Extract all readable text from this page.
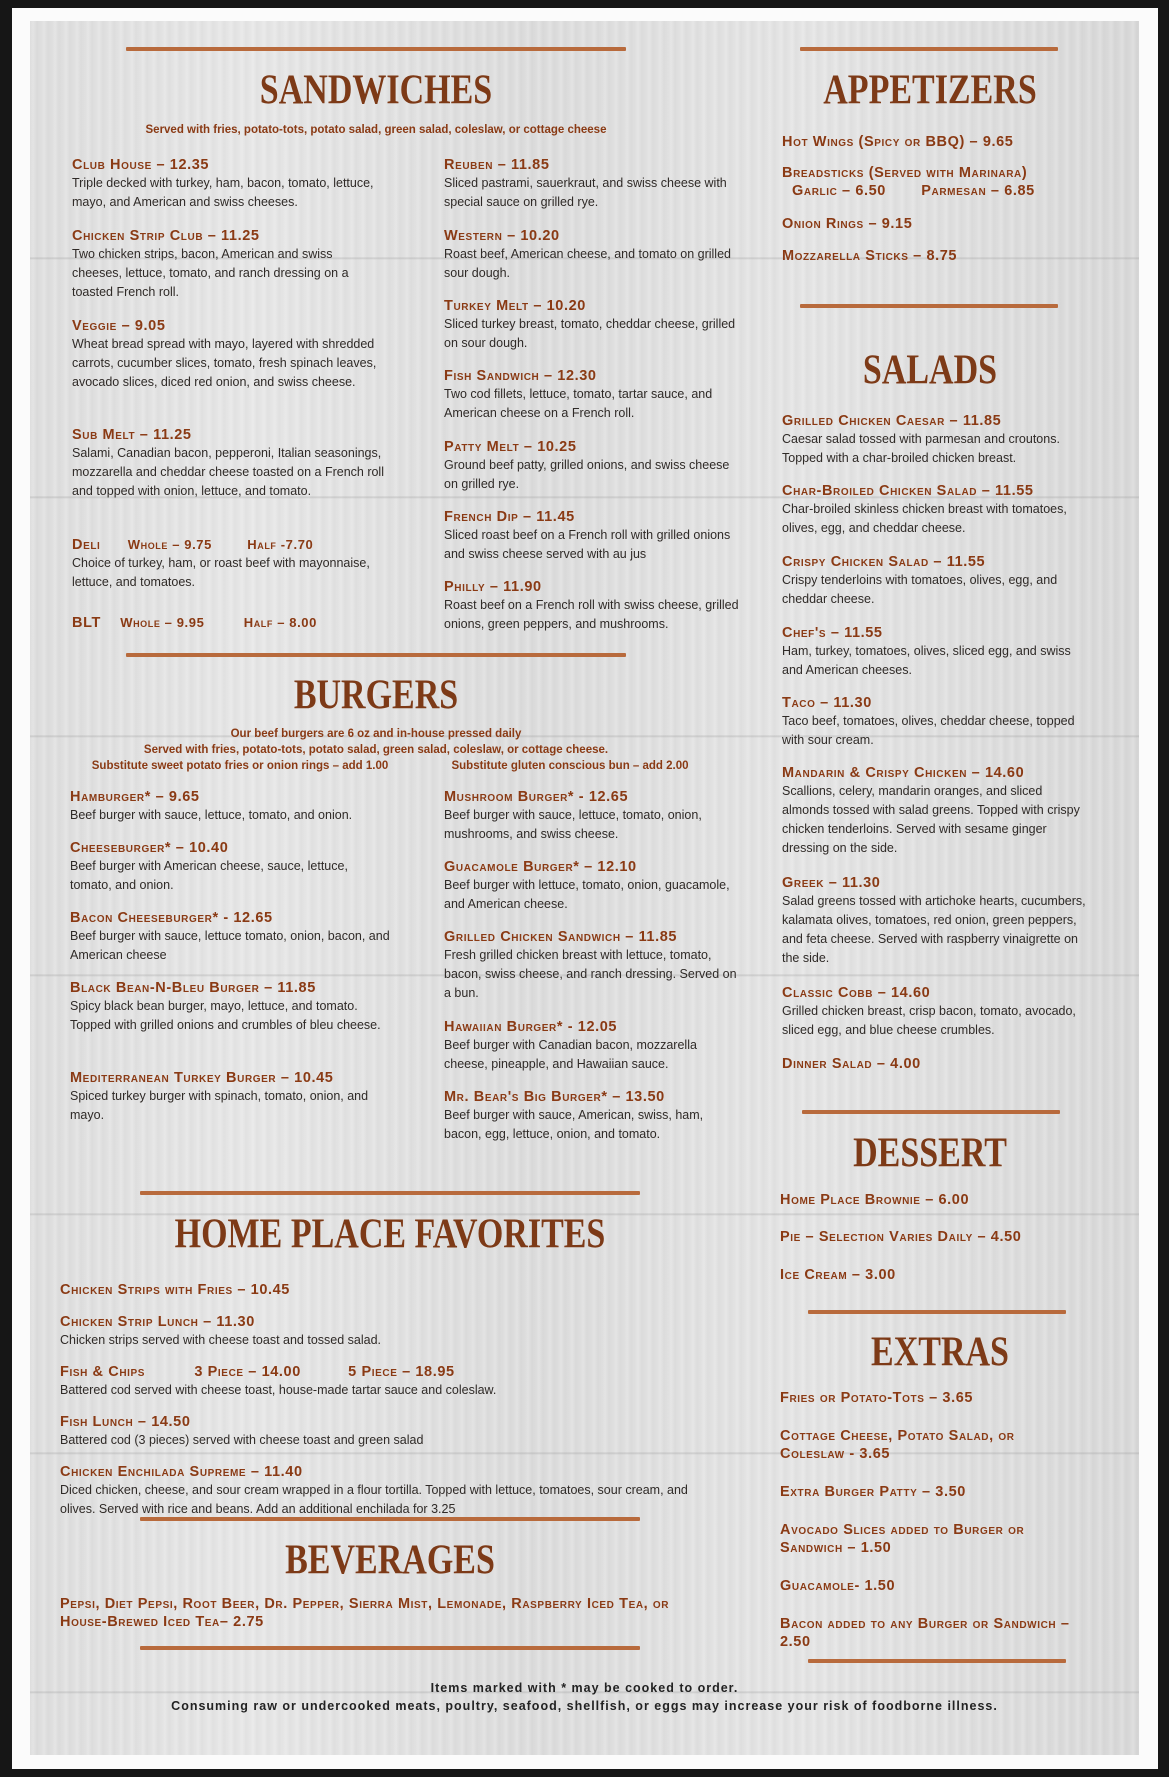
SANDWICHES
Served with fries, potato-tots, potato salad, green salad, coleslaw, or cottage cheese
Club House – 12.35
Triple decked with turkey, ham, bacon, tomato, lettuce, mayo, and American and swiss cheeses.
Chicken Strip Club – 11.25
Two chicken strips, bacon, American and swiss cheeses, lettuce, tomato, and ranch dressing on a toasted French roll.
Veggie – 9.05
Wheat bread spread with mayo, layered with shredded carrots, cucumber slices, tomato, fresh spinach leaves, avocado slices, diced red onion, and swiss cheese.
Sub Melt – 11.25
Salami, Canadian bacon, pepperoni, Italian seasonings, mozzarella and cheddar cheese toasted on a French roll and topped with onion, lettuce, and tomato.
Deli Whole – 9.75	Half -7.70
Choice of turkey, ham, or roast beef with mayonnaise, lettuce, and tomatoes.
BLT Whole – 9.95	Half – 8.00
Reuben – 11.85
Sliced pastrami, sauerkraut, and swiss cheese with special sauce on grilled rye.
Western – 10.20
Roast beef, American cheese, and tomato on grilled sour dough.
Turkey Melt – 10.20
Sliced turkey breast, tomato, cheddar cheese, grilled on sour dough.
Fish Sandwich – 12.30
Two cod fillets, lettuce, tomato, tartar sauce, and American cheese on a French roll.
Patty Melt – 10.25
Ground beef patty, grilled onions, and swiss cheese on grilled rye.
French Dip – 11.45
Sliced roast beef on a French roll with grilled onions and swiss cheese served with au jus
Philly – 11.90
Roast beef on a French roll with swiss cheese, grilled onions, green peppers, and mushrooms.
BURGERS
Our beef burgers are 6 oz and in-house pressed daily
Served with fries, potato-tots, potato salad, green salad, coleslaw, or cottage cheese.
Substitute sweet potato fries or onion rings – add 1.00	Substitute gluten conscious bun – add 2.00
Hamburger* – 9.65
Beef burger with sauce, lettuce, tomato, and onion.
Cheeseburger* – 10.40
Beef burger with American cheese, sauce, lettuce, tomato, and onion.
Bacon Cheeseburger* - 12.65
Beef burger with sauce, lettuce tomato, onion, bacon, and American cheese
Black Bean-N-Bleu Burger – 11.85
Spicy black bean burger, mayo, lettuce, and tomato. Topped with grilled onions and crumbles of bleu cheese.
Mediterranean Turkey Burger – 10.45
Spiced turkey burger with spinach, tomato, onion, and mayo.
Mushroom Burger* - 12.65
Beef burger with sauce, lettuce, tomato, onion, mushrooms, and swiss cheese.
Guacamole Burger* – 12.10
Beef burger with lettuce, tomato, onion, guacamole, and American cheese.
Grilled Chicken Sandwich – 11.85
Fresh grilled chicken breast with lettuce, tomato, bacon, swiss cheese, and ranch dressing. Served on a bun.
Hawaiian Burger* - 12.05
Beef burger with Canadian bacon, mozzarella cheese, pineapple, and Hawaiian sauce.
Mr. Bear's Big Burger* – 13.50
Beef burger with sauce, American, swiss, ham, bacon, egg, lettuce, onion, and tomato.
HOME PLACE FAVORITES
Chicken Strips with Fries – 10.45
Chicken Strip Lunch – 11.30
Chicken strips served with cheese toast and tossed salad.
Fish & Chips	3 Piece – 14.00	5 Piece – 18.95
Battered cod served with cheese toast, house-made tartar sauce and coleslaw.
Fish Lunch – 14.50
Battered cod (3 pieces) served with cheese toast and green salad
Chicken Enchilada Supreme – 11.40
Diced chicken, cheese, and sour cream wrapped in a flour tortilla. Topped with lettuce, tomatoes, sour cream, and olives. Served with rice and beans. Add an additional enchilada for 3.25
BEVERAGES
Pepsi, Diet Pepsi, Root Beer, Dr. Pepper, Sierra Mist, Lemonade, Raspberry Iced Tea, or House-Brewed Iced Tea– 2.75
APPETIZERS
Hot Wings (Spicy or BBQ) – 9.65
Breadsticks (Served with Marinara)
Garlic – 6.50 Parmesan – 6.85
Onion Rings – 9.15
Mozzarella Sticks – 8.75
SALADS
Grilled Chicken Caesar – 11.85
Caesar salad tossed with parmesan and croutons. Topped with a char-broiled chicken breast.
Char-Broiled Chicken Salad – 11.55
Char-broiled skinless chicken breast with tomatoes, olives, egg, and cheddar cheese.
Crispy Chicken Salad – 11.55
Crispy tenderloins with tomatoes, olives, egg, and cheddar cheese.
Chef's – 11.55
Ham, turkey, tomatoes, olives, sliced egg, and swiss and American cheeses.
Taco – 11.30
Taco beef, tomatoes, olives, cheddar cheese, topped with sour cream.
Mandarin & Crispy Chicken – 14.60
Scallions, celery, mandarin oranges, and sliced almonds tossed with salad greens. Topped with crispy chicken tenderloins. Served with sesame ginger dressing on the side.
Greek – 11.30
Salad greens tossed with artichoke hearts, cucumbers, kalamata olives, tomatoes, red onion, green peppers, and feta cheese. Served with raspberry vinaigrette on the side.
Classic Cobb – 14.60
Grilled chicken breast, crisp bacon, tomato, avocado, sliced egg, and blue cheese crumbles.
Dinner Salad – 4.00
DESSERT
Home Place Brownie – 6.00
Pie – Selection Varies Daily – 4.50
Ice Cream – 3.00
EXTRAS
Fries or Potato-Tots – 3.65
Cottage Cheese, Potato Salad, or Coleslaw - 3.65
Extra Burger Patty – 3.50
Avocado Slices added to Burger or Sandwich – 1.50
Guacamole- 1.50
Bacon added to any Burger or Sandwich – 2.50
Items marked with * may be cooked to order.
Consuming raw or undercooked meats, poultry, seafood, shellfish, or eggs may increase your risk of foodborne illness.
